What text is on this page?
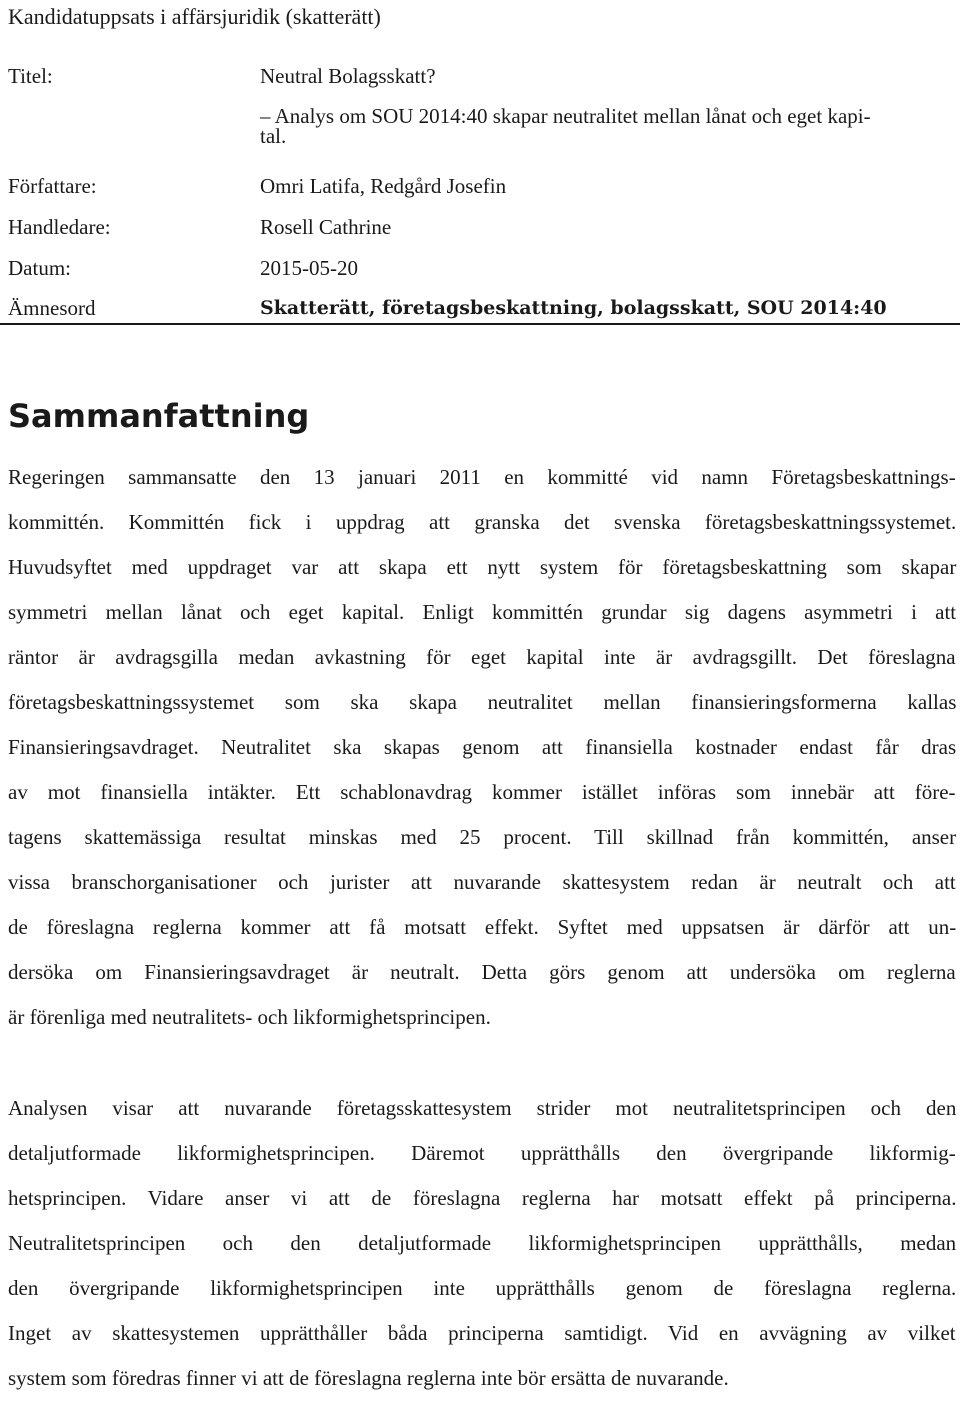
Kandidatuppsats i affärsjuridik (skatterätt)
Titel:	Neutral Bolagsskatt?
– Analys om SOU 2014:40 skapar neutralitet mellan lånat och eget kapi-
tal.
Författare:	Omri Latifa, Redgård Josefin
Handledare:	Rosell Cathrine
Datum:	2015-05-20
Ämnesord	Skatterätt, företagsbeskattning, bolagsskatt, SOU 2014:40
Sammanfattning
Regeringen sammansatte den 13 januari 2011 en kommitté vid namn Företagsbeskattnings-
kommittén. Kommittén fick i uppdrag att granska det svenska företagsbeskattningssystemet.
Huvudsyftet med uppdraget var att skapa ett nytt system för företagsbeskattning som skapar
symmetri mellan lånat och eget kapital. Enligt kommittén grundar sig dagens asymmetri i att
räntor är avdragsgilla medan avkastning för eget kapital inte är avdragsgillt. Det föreslagna
företagsbeskattningssystemet som ska skapa neutralitet mellan finansieringsformerna kallas
Finansieringsavdraget. Neutralitet ska skapas genom att finansiella kostnader endast får dras
av mot finansiella intäkter. Ett schablonavdrag kommer istället införas som innebär att före-
tagens skattemässiga resultat minskas med 25 procent. Till skillnad från kommittén, anser
vissa branschorganisationer och jurister att nuvarande skattesystem redan är neutralt och att
de föreslagna reglerna kommer att få motsatt effekt. Syftet med uppsatsen är därför att un-
dersöka om Finansieringsavdraget är neutralt. Detta görs genom att undersöka om reglerna
är förenliga med neutralitets- och likformighetsprincipen.
Analysen visar att nuvarande företagsskattesystem strider mot neutralitetsprincipen och den
detaljutformade likformighetsprincipen. Däremot upprätthålls den övergripande likformig-
hetsprincipen. Vidare anser vi att de föreslagna reglerna har motsatt effekt på principerna.
Neutralitetsprincipen och den detaljutformade likformighetsprincipen upprätthålls, medan
den övergripande likformighetsprincipen inte upprätthålls genom de föreslagna reglerna.
Inget av skattesystemen upprätthåller båda principerna samtidigt. Vid en avvägning av vilket
system som föredras finner vi att de föreslagna reglerna inte bör ersätta de nuvarande.
